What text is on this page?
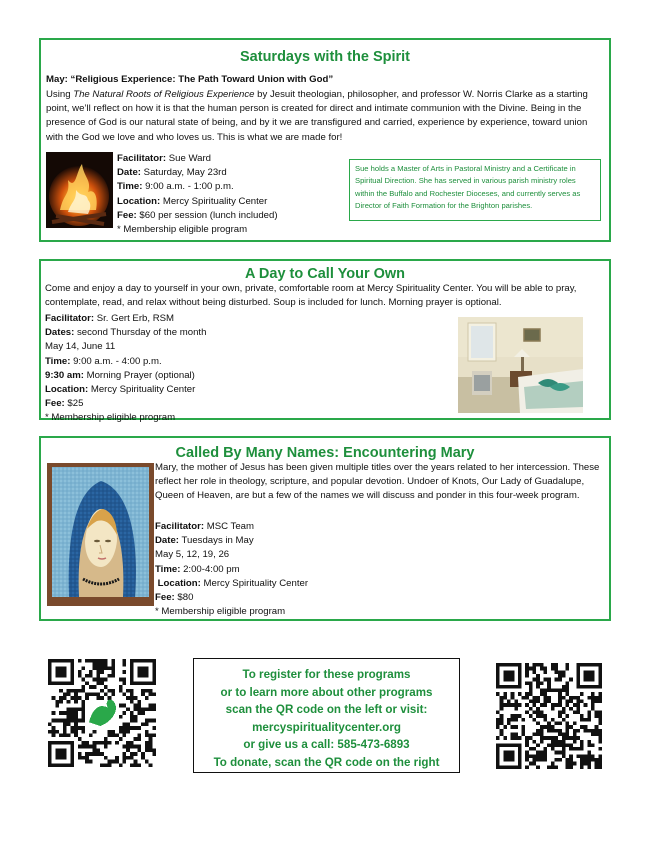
Saturdays with the Spirit
May: “Religious Experience: The Path Toward Union with God”
Using The Natural Roots of Religious Experience by Jesuit theologian, philosopher, and professor W. Norris Clarke as a starting point, we’ll reflect on how it is that the human person is created for direct and intimate communion with the Divine. Being in the presence of God is our natural state of being, and by it we are transfigured and carried, experience by experience, toward union with the God we love and who loves us. This is what we are made for!
Facilitator: Sue Ward
Date: Saturday, May 23rd
Time: 9:00 a.m. - 1:00 p.m.
Location: Mercy Spirituality Center
Fee: $60 per session (lunch included)
* Membership eligible program
Sue holds a Master of Arts in Pastoral Ministry and a Certificate in Spiritual Direction. She has served in various parish ministry roles within the Buffalo and Rochester Dioceses, and currently serves as Director of Faith Formation for the Brighton parishes.
A Day to Call Your Own
Come and enjoy a day to yourself in your own, private, comfortable room at Mercy Spirituality Center. You will be able to pray, contemplate, read, and relax without being disturbed. Soup is included for lunch. Morning prayer is optional.
Facilitator: Sr. Gert Erb, RSM
Dates: second Thursday of the month
May 14, June 11
Time: 9:00 a.m. - 4:00 p.m.
9:30 am: Morning Prayer (optional)
Location: Mercy Spirituality Center
Fee: $25
* Membership eligible program
Called By Many Names: Encountering Mary
Mary, the mother of Jesus has been given multiple titles over the years related to her intercession. These reflect her role in theology, scripture, and popular devotion. Undoer of Knots, Our Lady of Guadalupe, Queen of Heaven, are but a few of the names we will discuss and ponder in this four-week program.
Facilitator: MSC Team
Date: Tuesdays in May
May 5, 12, 19, 26
Time: 2:00-4:00 pm
Location: Mercy Spirituality Center
Fee: $80
* Membership eligible program
To register for these programs
or to learn more about other programs
scan the QR code on the left or visit:
mercyspiritualitycenter.org
or give us a call: 585-473-6893
To donate, scan the QR code on the right
